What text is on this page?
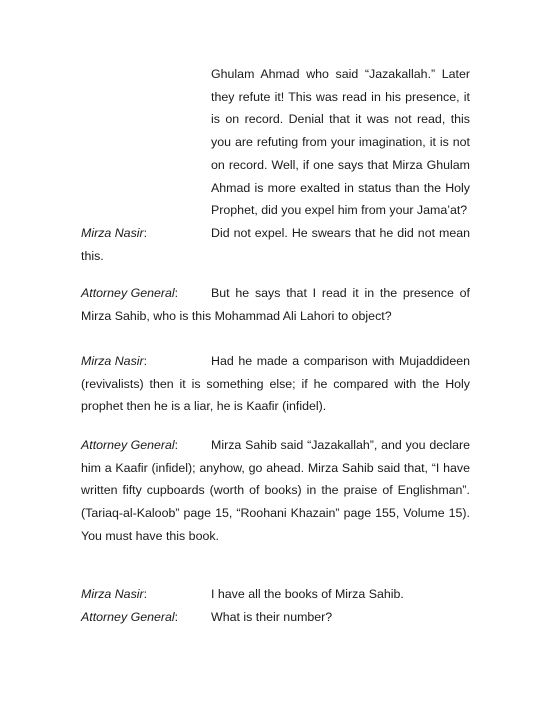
Ghulam Ahmad who said “Jazakallah.” Later they refute it! This was read in his presence, it is on record. Denial that it was not read, this you are refuting from your imagination, it is not on record. Well, if one says that Mirza Ghulam Ahmad is more exalted in status than the Holy Prophet, did you expel him from your Jama’at?
Mirza Nasir:	Did not expel. He swears that he did not mean this.
Attorney General:	But he says that I read it in the presence of Mirza Sahib, who is this Mohammad Ali Lahori to object?
Mirza Nasir:	Had he made a comparison with Mujaddideen (revivalists) then it is something else; if he compared with the Holy prophet then he is a liar, he is Kaafir (infidel).
Attorney General:	Mirza Sahib said “Jazakallah”, and you declare him a Kaafir (infidel); anyhow, go ahead. Mirza Sahib said that, “I have written fifty cupboards (worth of books) in the praise of Englishman”. (Tariaq-al-Kaloob” page 15, “Roohani Khazain” page 155, Volume 15). You must have this book.
Mirza Nasir:	I have all the books of Mirza Sahib.
Attorney General:	What is their number?
